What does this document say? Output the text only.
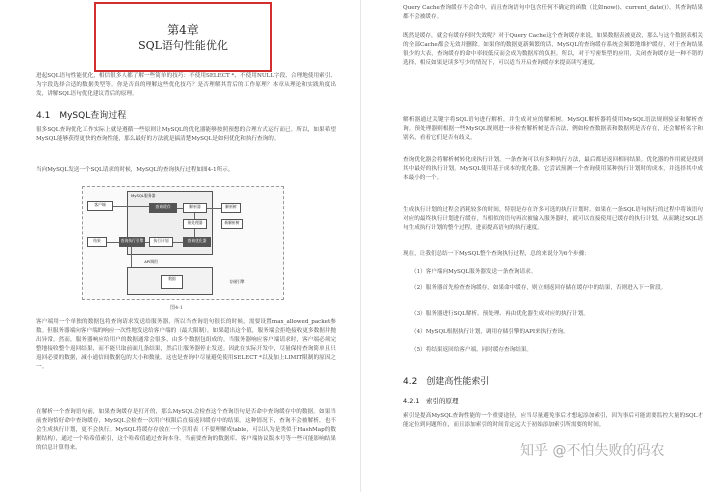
第4章
SQL语句性能优化

进起SQL语句性能优化，相信很多人都了解一些简单的技巧：不使用SELECT *、不使用NULL字段、合理地使用索引、为字段选择合适的数据类型等。你是否真的理解这些优化技巧？是否理解其背后的工作原理？本章从理论和实践角度出发，讲解SQL语句优化建议背后的原理。

4.1　MySQL查询过程

很多SQL查询优化工作实际上就是遵循一些原则让MySQL的优化器能够按照预想的合理方式运行而已。所以，如果希望MySQL能够获得更快的查询性能，那么最好的方法就是搞清楚MySQL是如何优化和执行查询的。

当向MySQL发送一个SQL请求的时候，MySQL的查询执行过程如图4-1所示。

客户端
MySQL服务器
查询缓存	解析器
预处理器
解析树
新解析树
查询优化器
执行计划
查询执行引擎
结果
API调用
存储引擎
数据
图4-1

客户端用一个单独的数据包将查询请求发送给服务器，所以当查询语句很长的时候，需要设置max_allowed_packet参数。但服务器端向客户端的响应一次性地发送给客户端的（最大限制），如果超出这个值，服务端会拒绝接收更多数据并抛出异常。然而，服务器响应给用户的数据通常会很多，由多个数据包组成的。当服务器响应客户端请求时，客户端必须完整地接收整个返回结果，而不能只取前面几条结果，然后让服务器停止发送。因此在实际开发中，尽量保持查询简单且只返回必要的数据，减小通信间数据包的大小和数量，这也是查询中尽量避免使用SELECT *以及加上LIMIT限制的原因之一。

在解析一个查询语句前，如果查询缓存是打开的，那么MySQL会检查这个查询语句是否命中查询缓存中的数据。如果当前查询恰好命中查询缓存，MySQL会检查一次用户权限后直接返回缓存中的结果。这种情况下，查询不会被解析，也不会生成执行计划，更不会执行。MySQL将缓存存放在一个引用表（不要理解成table，可以认为是类似于HashMap的数据结构），通过一个哈希值索引，这个哈希值通过查询本身、当前要查询的数据库、客户端协议版本号等一些可能影响结果的信息计算得来。

Query Cache查询缓存不会命中，而且查询语句中包含任何不确定的函数（比如now()、current_date()），其查询结果都不会被缓存。

既然是缓存，就会有缓存何时失效呢？对于Query Cache这个查询缓存来说，如果数据表被更改，那么与这个数据表相关的全部Cache都会无效并删除。如果你的数据更新频繁的话，MySQL的查询缓存系统会频繁地维护缓存，对于查询结果很少的大表，查询缓存的命中率较低反而会成为数据库的负担。所以，对于写密集型的应用，关闭查询缓存是一种不错的选择，相反如果是读多写少的情况下，可以适当开启查询缓存来提高读写速度。

解析器通过关键字将SQL语句进行解析，并生成对应的解析树。MySQL解析器将使用MySQL语法规则验证和解析查询。预处理器则根据一些MySQL规则进一步检查解析树是否合法，例如检查数据表和数据列是否存在，还会解析名字和别名，看看它们是否有歧义。

查询优化器会将解析树转化成执行计划。一条查询可以有多种执行方法，最后都是返回相同结果。优化器的作用就是找到其中最好的执行计划。MySQL使用基于成本的优化器，它尝试预测一个查询使用某种执行计划时的成本，并选择其中成本最小的一个。

生成执行计划的过程会消耗较多的时间，特别是存在许多可选的执行计划时。如果在一条SQL语句执行的过程中将该语句对应的最终执行计划进行缓存，当相似的语句再次被输入服务器时，就可以直接使用已缓存的执行计划，从而跳过SQL语句生成执行计划的整个过程，进而提高语句的执行速度。

现在，让我们总结一下MySQL整个查询执行过程，总的来说分为6个步骤：

（1）客户端向MySQL服务器发送一条查询请求。
（2）服务器首先检查查询缓存，如果命中缓存，则立刻返回存储在缓存中的结果，否则进入下一阶段。
（3）服务器进行SQL解析、预处理、再由优化器生成对应的执行计划。
（4）MySQL根据执行计划，调用存储引擎的API来执行查询。
（5）将结果返回给客户端，同时缓存查询结果。
4.2　创建高性能索引
4.2.1　索引的原理

索引是提高MySQL查询性能的一个重要途径，应当尽量避免事后才想起添加索引，因为事后可能需要监控大量的SQL才能定位到问题所在，而且添加索引的时间肯定远大于初始添加索引所需要的时间。

知乎 @不怕失败的码农
